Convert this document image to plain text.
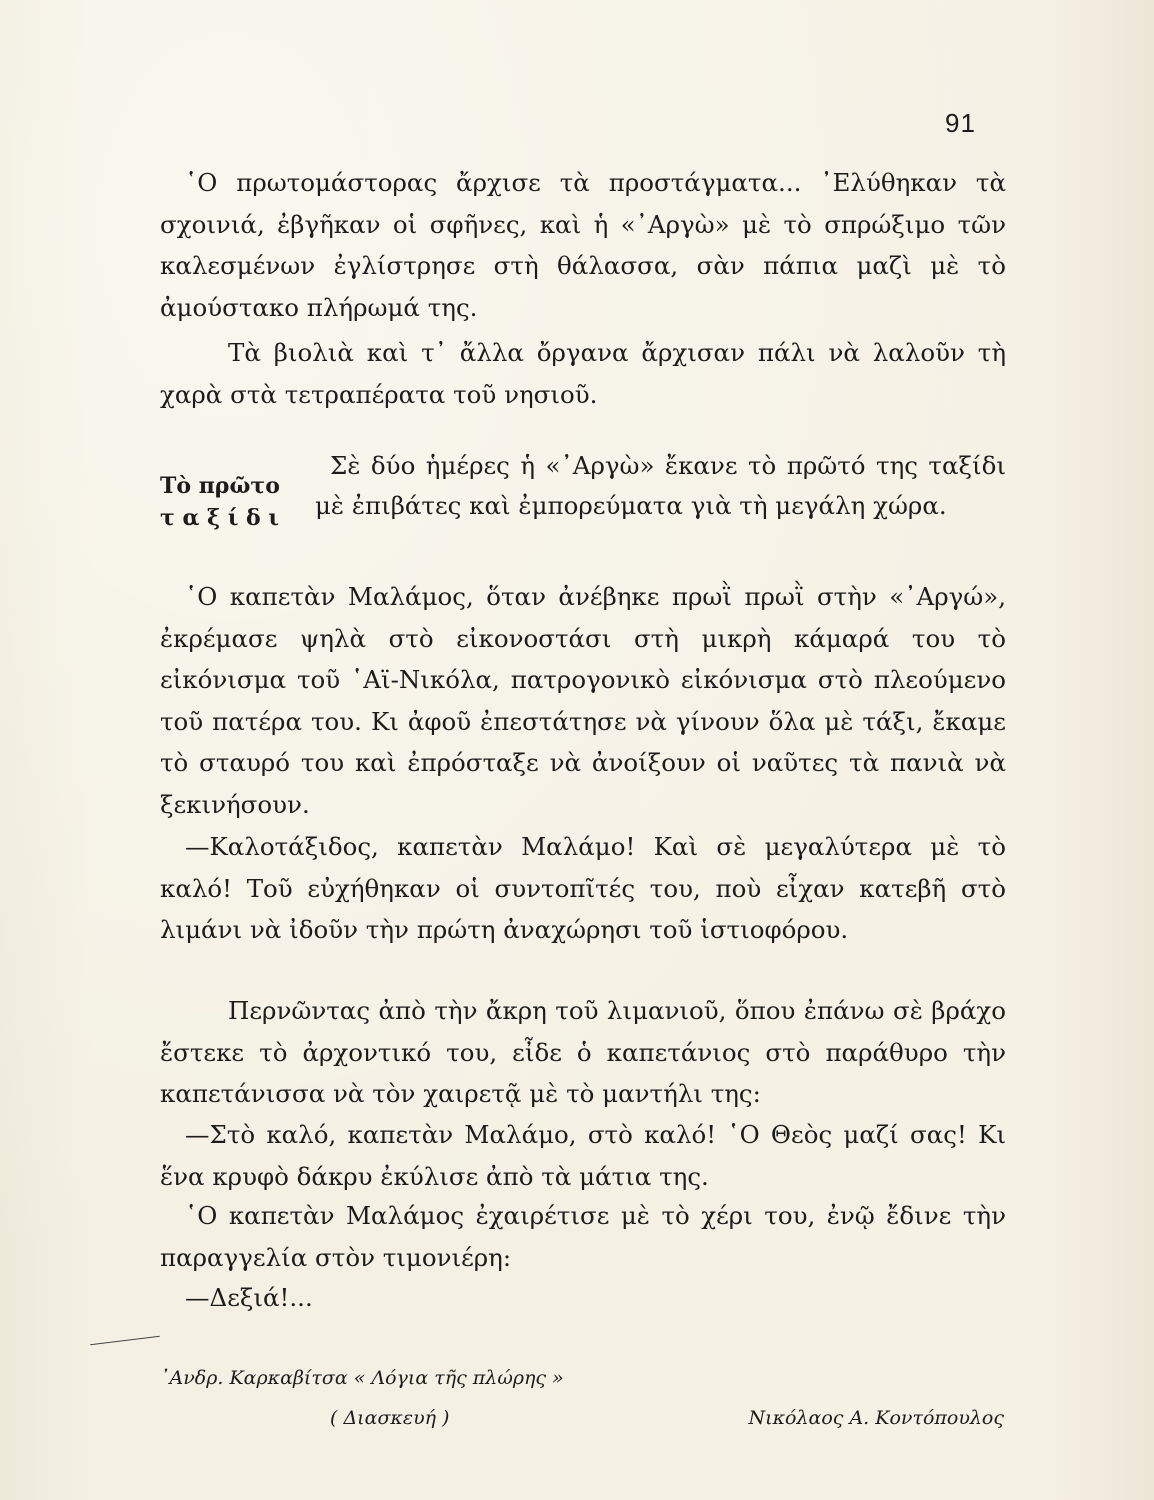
91

῾Ο πρωτομάστορας ἄρχισε τὰ προστάγματα... ᾿Ελύθηκαν τὰ σχοινιά, ἐβγῆκαν οἱ σφῆνες, καὶ ἡ «᾿Αργὼ» μὲ τὸ σπρώξιμο τῶν καλεσμένων ἐγλίστρησε στὴ θάλασσα, σὰν πάπια μαζὶ μὲ τὸ ἀμούστακο πλήρωμά της.

Τὰ βιολιὰ καὶ τ᾿ ἄλλα ὄργανα ἄρχισαν πάλι νὰ λαλοῦν τὴ χαρὰ στὰ τετραπέρατα τοῦ νησιοῦ.

Τὸ πρῶτο
τ α ξ ί δ ι
Σὲ δύο ἡμέρες ἡ «᾿Αργὼ» ἔκανε τὸ πρῶτό της ταξίδι μὲ ἐπιβάτες καὶ ἐμπορεύματα γιὰ τὴ μεγάλη χώρα.

῾Ο καπετὰν Μαλάμος, ὅταν ἀνέβηκε πρωῒ πρωῒ στὴν «᾿Αργώ», ἐκρέμασε ψηλὰ στὸ εἰκονοστάσι στὴ μικρὴ κάμαρά του τὸ εἰκόνισμα τοῦ ῾Αϊ-Νικόλα, πατρογονικὸ εἰκόνισμα στὸ πλεούμενο τοῦ πατέρα του. Κι ἀφοῦ ἐπεστάτησε νὰ γίνουν ὅλα μὲ τάξι, ἔκαμε τὸ σταυρό του καὶ ἐπρόσταξε νὰ ἀνοίξουν οἱ ναῦτες τὰ πανιὰ νὰ ξεκινήσουν.

—Καλοτάξιδος, καπετὰν Μαλάμο! Καὶ σὲ μεγαλύτερα μὲ τὸ καλό! Τοῦ εὐχήθηκαν οἱ συντοπῖτές του, ποὺ εἶχαν κατεβῆ στὸ λιμάνι νὰ ἰδοῦν τὴν πρώτη ἀναχώρησι τοῦ ἱστιοφόρου.

Περνῶντας ἀπὸ τὴν ἄκρη τοῦ λιμανιοῦ, ὅπου ἐπάνω σὲ βράχο ἔστεκε τὸ ἀρχοντικό του, εἶδε ὁ καπετάνιος στὸ παράθυρο τὴν καπετάνισσα νὰ τὸν χαιρετᾷ μὲ τὸ μαντήλι της:

—Στὸ καλό, καπετὰν Μαλάμο, στὸ καλό! ῾Ο Θεὸς μαζί σας! Κι ἕνα κρυφὸ δάκρυ ἐκύλισε ἀπὸ τὰ μάτια της.

῾Ο καπετὰν Μαλάμος ἐχαιρέτισε μὲ τὸ χέρι του, ἐνῷ ἔδινε τὴν παραγγελία στὸν τιμονιέρη:

—Δεξιά!...

᾿Ανδρ. Καρκαβίτσα « Λόγια τῆς πλώρης »
( Διασκευή )	Νικόλαος Α. Κοντόπουλος
